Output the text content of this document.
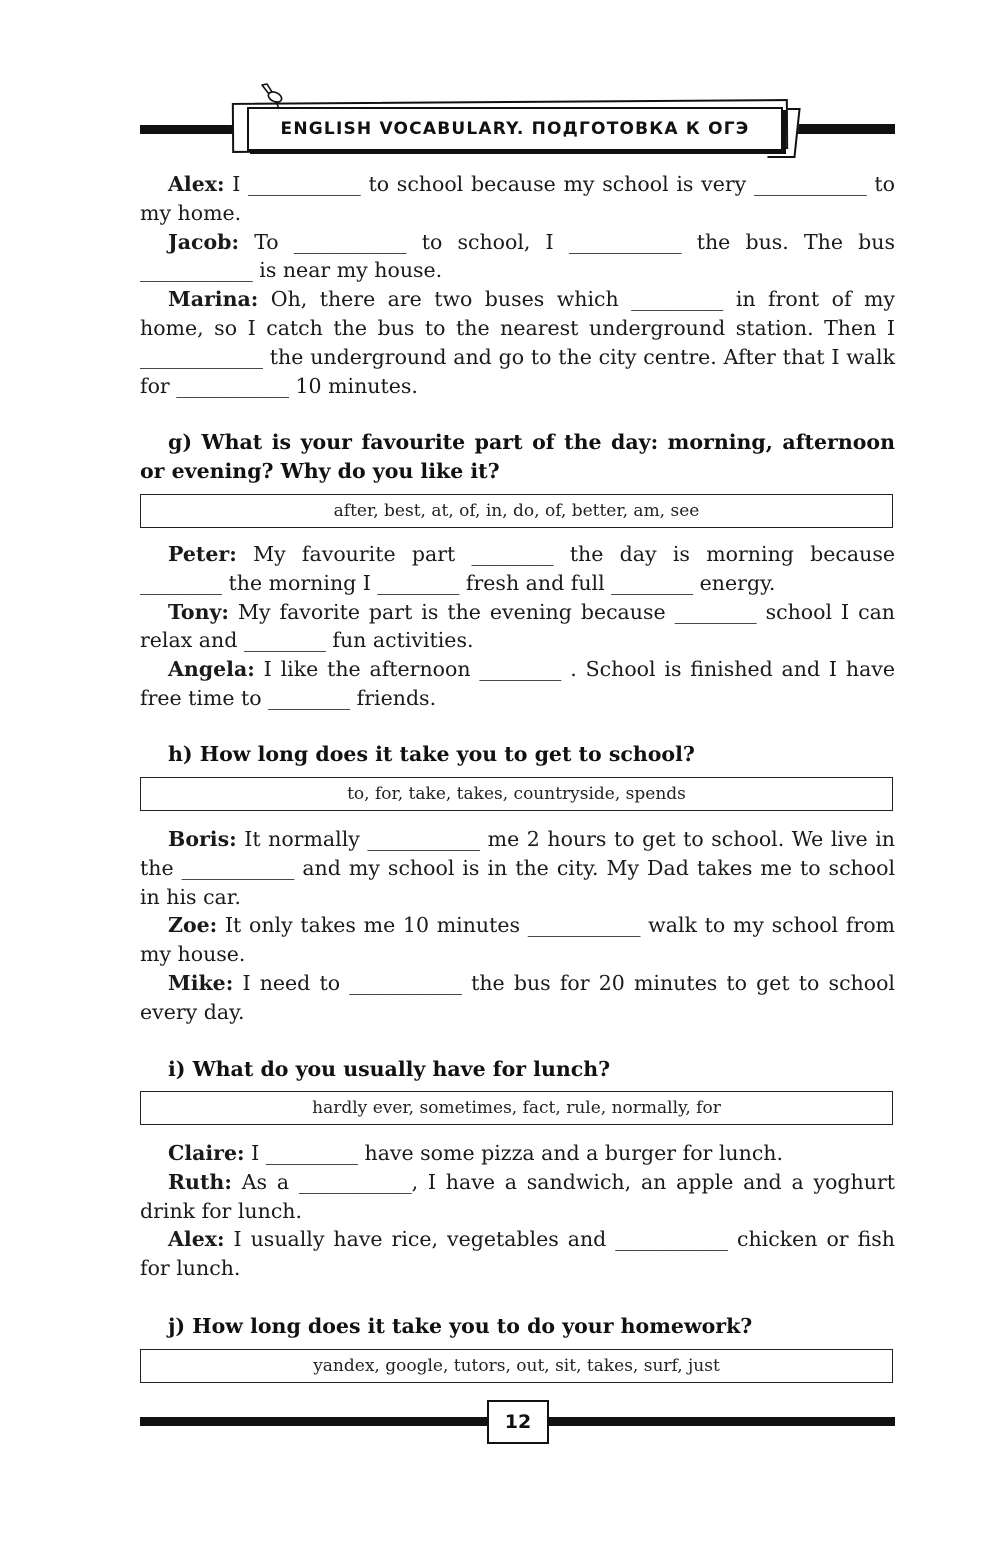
ENGLISH VOCABULARY. ПОДГОТОВКА К ОГЭ

Alex: I ___________ to school because my school is very ___________ to my home.

Jacob: To ___________ to school, I ___________ the bus. The bus ___________ is near my house.

Marina: Oh, there are two buses which _________ in front of my home, so I catch the bus to the nearest underground station. Then I ____________ the underground and go to the city centre. After that I walk for ___________ 10 minutes.

g) What is your favourite part of the day: morning, afternoon or evening? Why do you like it?

after, best, at, of, in, do, of, better, am, see

Peter: My favourite part ________ the day is morning because ________ the morning I ________ fresh and full ________ energy.

Tony: My favorite part is the evening because ________ school I can relax and ________ fun activities.

Angela: I like the afternoon ________ . School is finished and I have free time to ________ friends.

h) How long does it take you to get to school?

to, for, take, takes, countryside, spends

Boris: It normally ___________ me 2 hours to get to school. We live in the ___________ and my school is in the city. My Dad takes me to school in his car.

Zoe: It only takes me 10 minutes ___________ walk to my school from my house.

Mike: I need to ___________ the bus for 20 minutes to get to school every day.

i) What do you usually have for lunch?

hardly ever, sometimes, fact, rule, normally, for

Claire: I _________ have some pizza and a burger for lunch.

Ruth: As a ___________, I have a sandwich, an apple and a yoghurt drink for lunch.

Alex: I usually have rice, vegetables and ___________ chicken or fish for lunch.

j) How long does it take you to do your homework?

yandex, google, tutors, out, sit, takes, surf, just
12
